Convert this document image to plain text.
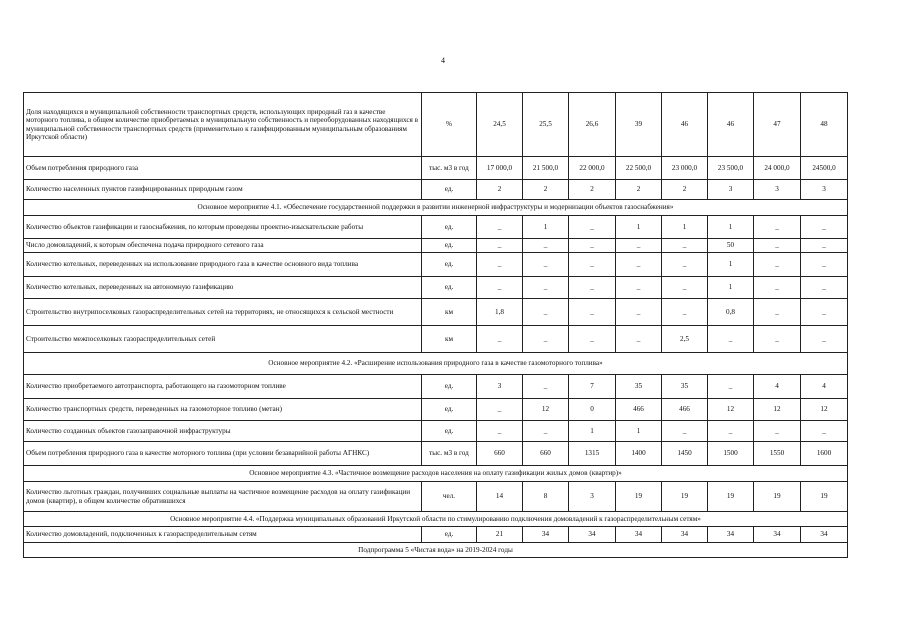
4
Доля находящихся в муниципальной собственности транспортных средств, использующих природный газ в качестве моторного топлива, в общем количестве приобретаемых в муниципальную собственность и переоборудованных находящихся в муниципальной собственности транспортных средств (применительно к газифицированным муниципальным образованиям Иркутской области)	%	24,5	25,5	26,6	39	46	46	47	48
Объем потребления природного газа	тыс. м3 в год	17 000,0	21 500,0	22 000,0	22 500,0	23 000,0	23 500,0	24 000,0	24500,0
Количество населенных пунктов газифицированных природным газом	ед.	2	2	2	2	2	3	3	3
Основное мероприятие 4.1. «Обеспечение государственной поддержки в развитии инженерной инфраструктуры и модернизации объектов газоснабжения»									
Количество объектов газификации и газоснабжения, по которым проведены проектно-изыскательские работы	ед.	_	1	_	1	1	1	_	_
Число домовладений, к которым обеспечена подача природного сетевого газа	ед.	_	_	_	_	_	50	_	_
Количество котельных, переведенных на использование природного газа в качестве основного вида топлива	ед.	_	_	_	_	_	1	_	_
Количество котельных, переведенных на автономную газификацию	ед.	_	_	_	_	_	1	_	_
Строительство внутрипоселковых газораспределительных сетей на территориях, не относящихся к сельской местности	км	1,8	_	_	_	_	0,8	_	_
Строительство межпоселковых газораспределительных сетей	км	_	_	_	_	2,5	_	_	_
Основное мероприятие 4.2. «Расширение использования природного газа в качестве газомоторного топлива»									
Количество приобретаемого автотранспорта, работающего на газомоторном топливе	ед.	3	_	7	35	35	_	4	4
Количество транспортных средств, переведенных на газомоторное топливо (метан)	ед.	_	12	0	466	466	12	12	12
Количество созданных объектов газозаправочной инфраструктуры	ед.	_	_	1	1	_	_	_	_
Объем потребления природного газа в качестве моторного топлива (при условии безаварийной работы АГНКС)	тыс. м3 в год	660	660	1315	1400	1450	1500	1550	1600
Основное мероприятие 4.3. «Частичное возмещение расходов населения на оплату газификации жилых домов (квартир)»									
Количество льготных граждан, получивших социальные выплаты на частичное возмещение расходов на оплату газификации домов (квартир), в общем количестве обратившихся	чел.	14	8	3	19	19	19	19	19
Основное мероприятие 4.4. «Поддержка муниципальных образований Иркутской области по стимулированию подключения домовладений к газораспределительным сетям»									
Количество домовладений, подключенных к газораспределительным сетям	ед.	21	34	34	34	34	34	34	34
Подпрограмма 5 «Чистая вода» на 2019-2024 годы									
